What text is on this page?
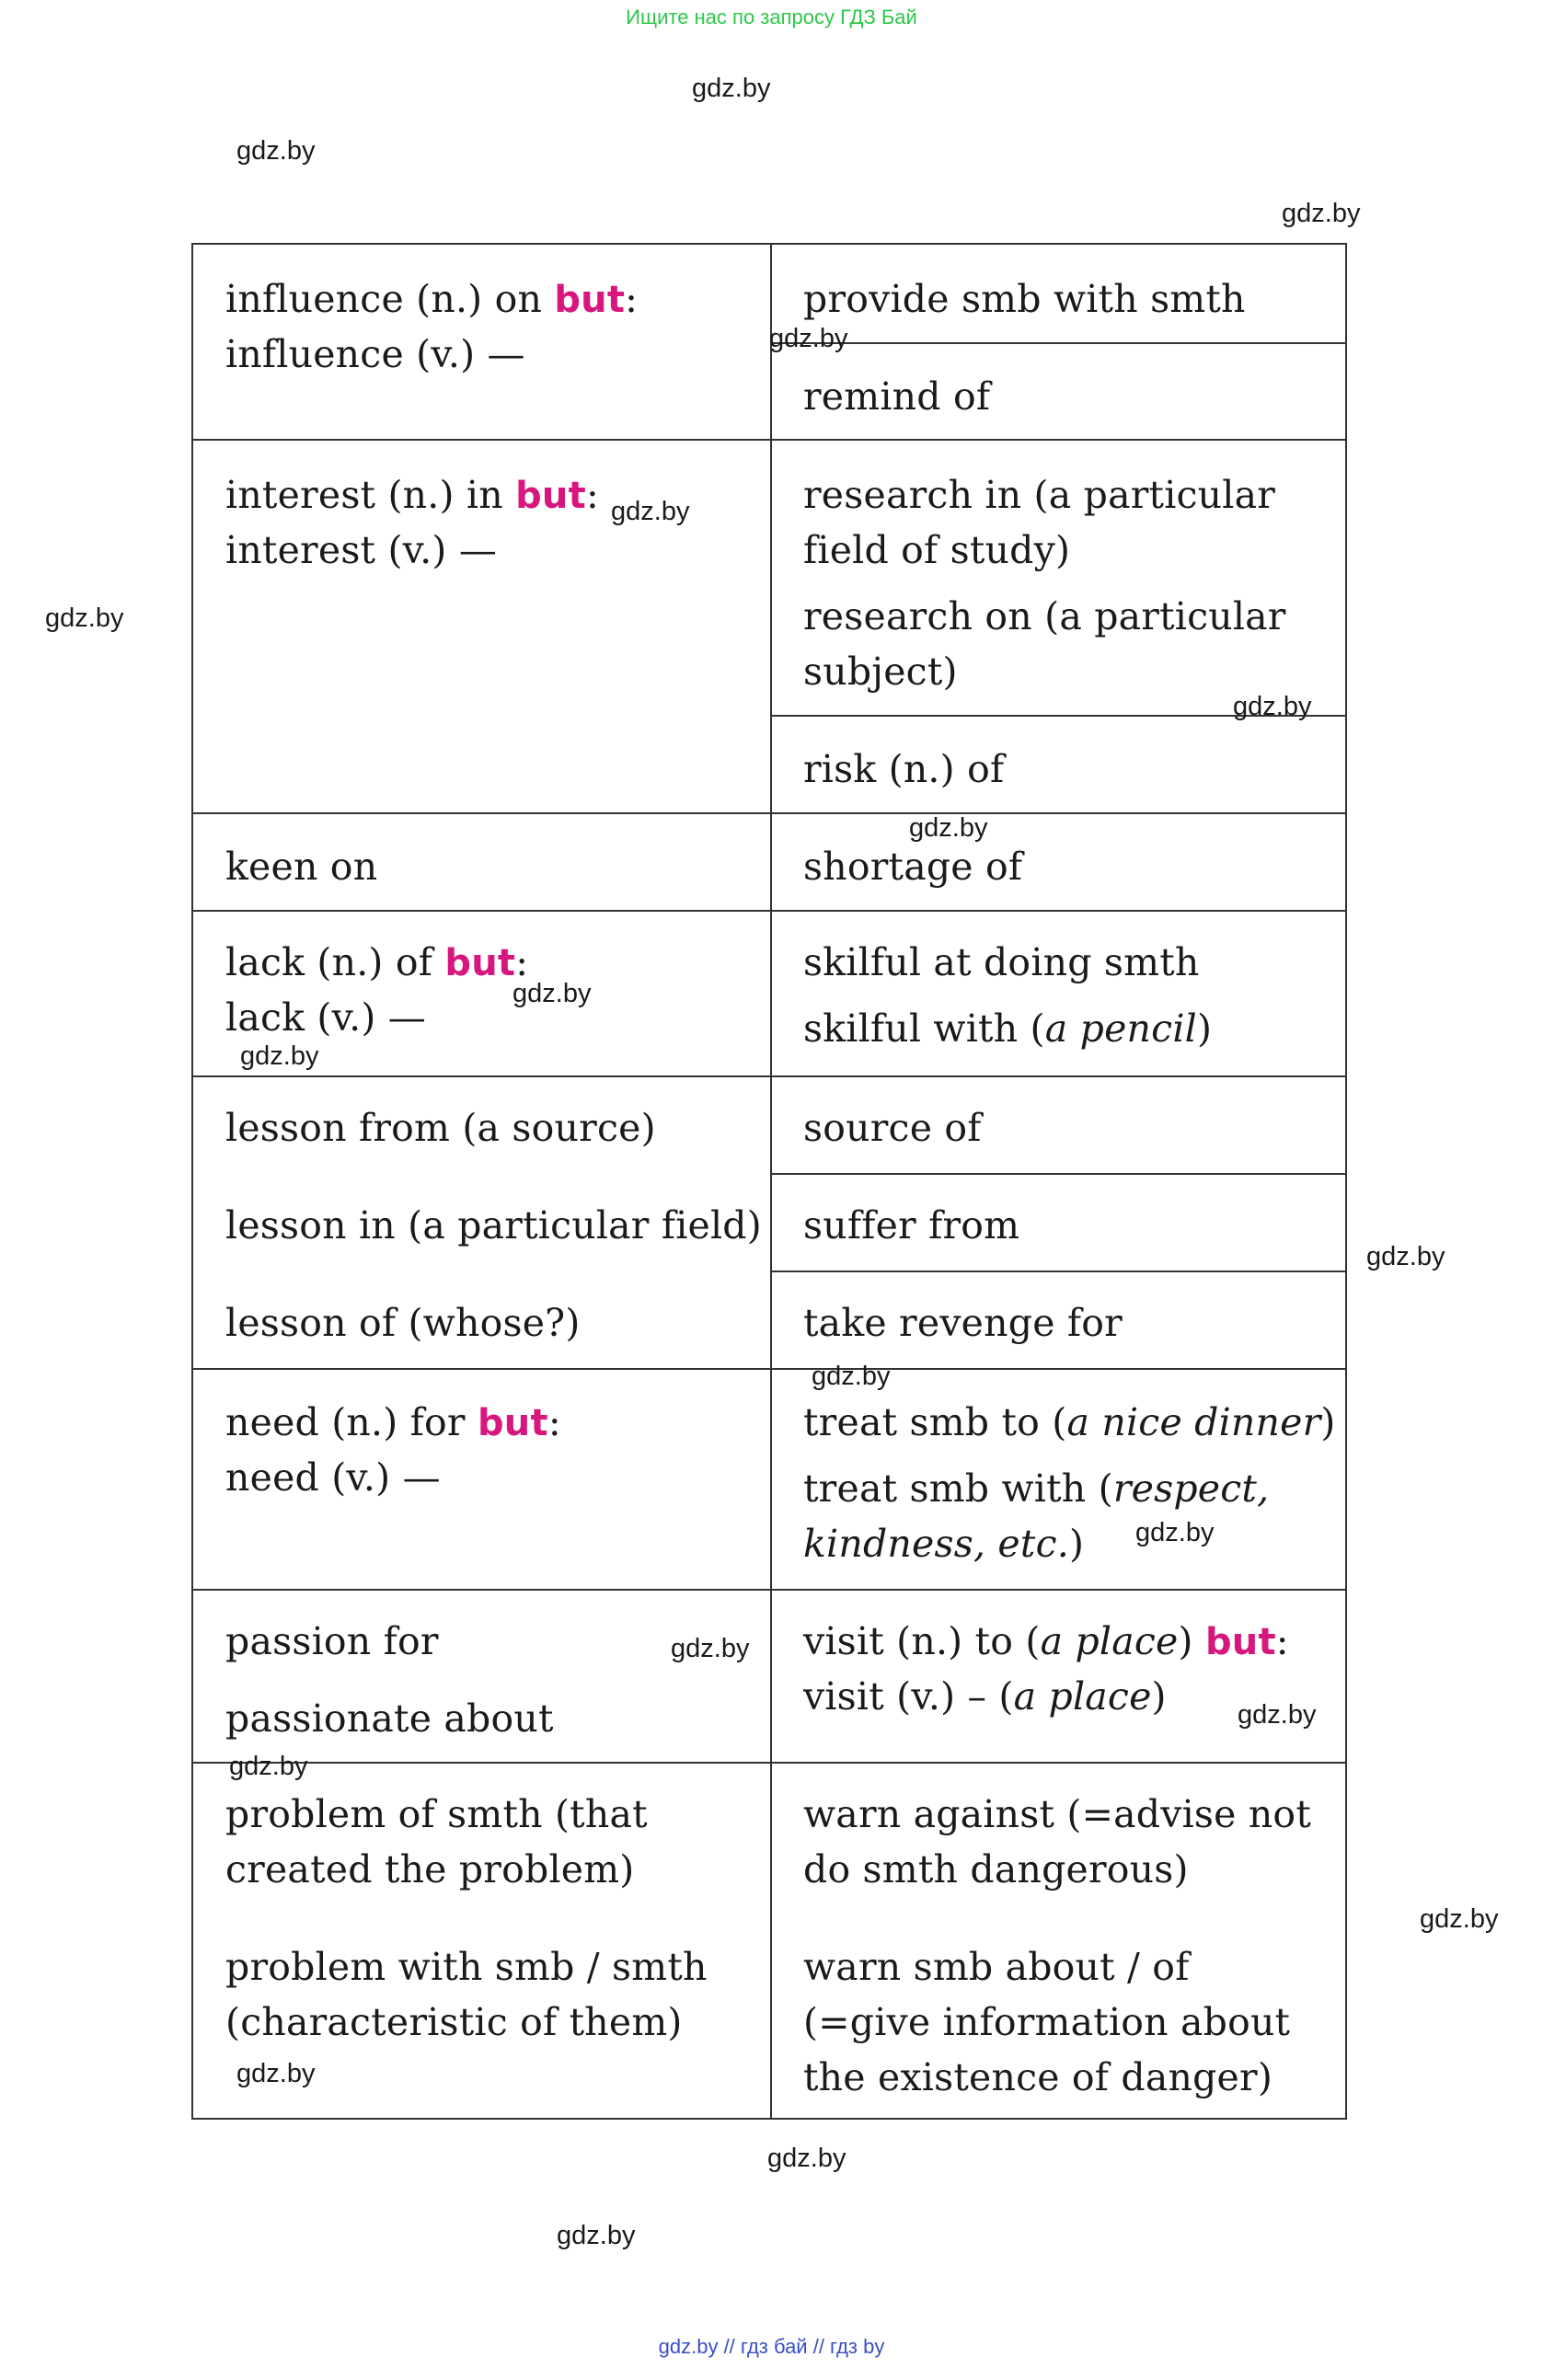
Ищите нас по запросу ГДЗ Бай
influence (n.) on but:
influence (v.) —
interest (n.) in but:
interest (v.) —
keen on
lack (n.) of but:
lack (v.) —
lesson from (a source)
lesson in (a particular field)
lesson of (whose?)
need (n.) for but:
need (v.) —
passion for
passionate about
problem of smth (that
created the problem)
problem with smb / smth
(characteristic of them)
provide smb with smth
remind of
research in (a particular
field of study)
research on (a particular
subject)
risk (n.) of
shortage of
skilful at doing smth
skilful with (a pencil)
source of
suffer from
take revenge for
treat smb to (a nice dinner)
treat smb with (respect,
kindness, etc.)
visit (n.) to (a place) but:
visit (v.) – (a place)
warn against (=advise not
do smth dangerous)
warn smb about / of
(=give information about
the existence of danger)
gdz.by
gdz.by
gdz.by
gdz.by
gdz.by
gdz.by
gdz.by
gdz.by
gdz.by
gdz.by
gdz.by
gdz.by
gdz.by
gdz.by
gdz.by
gdz.by
gdz.by
gdz.by
gdz.by
gdz.by
gdz.by // гдз бай // гдз by
